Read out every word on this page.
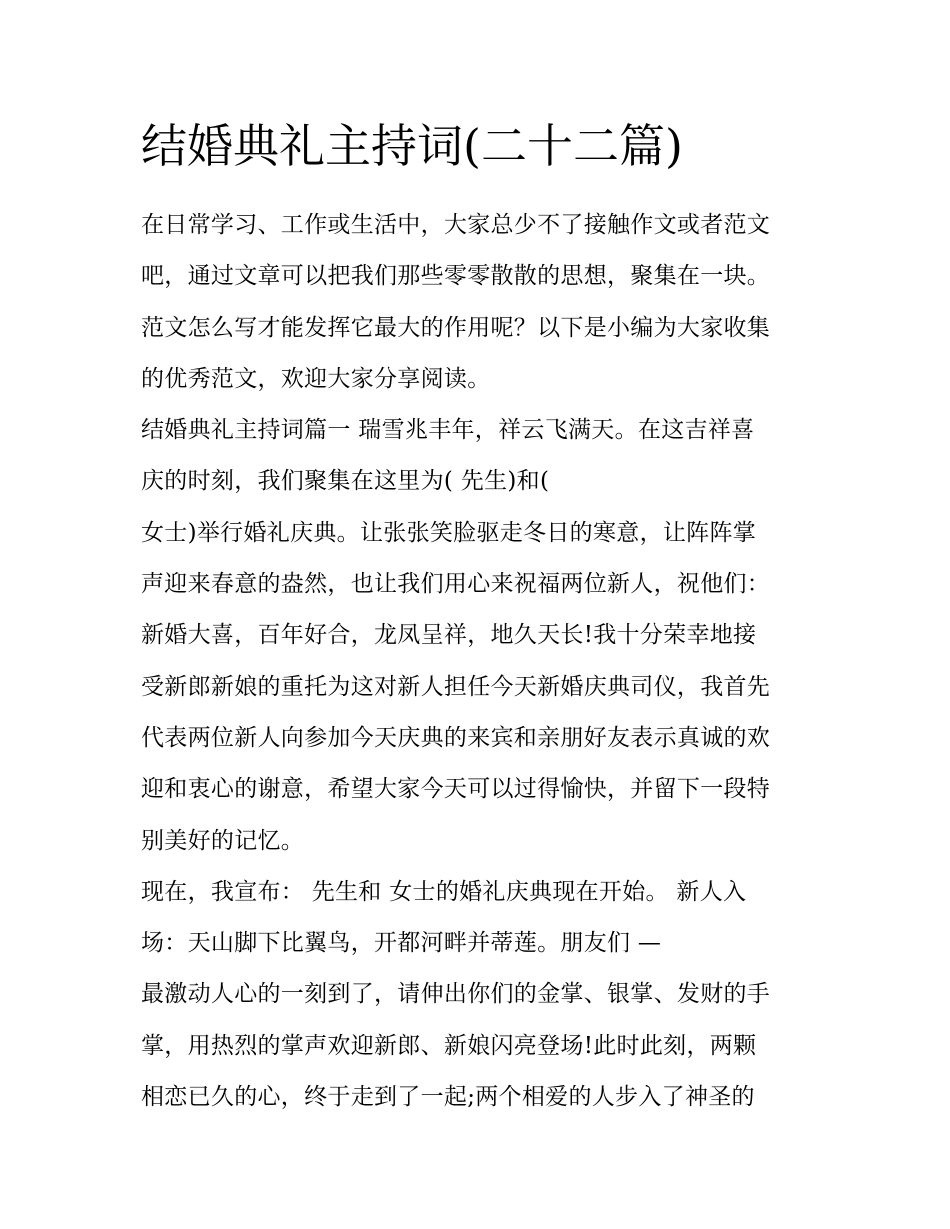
结婚典礼主持词(二十二篇)
在日常学习、工作或生活中，大家总少不了接触作文或者范文
吧，通过文章可以把我们那些零零散散的思想，聚集在一块。
范文怎么写才能发挥它最大的作用呢？以下是小编为大家收集
的优秀范文，欢迎大家分享阅读。
结婚典礼主持词篇一 瑞雪兆丰年，祥云飞满天。在这吉祥喜
庆的时刻，我们聚集在这里为( 先生)和(
女士)举行婚礼庆典。让张张笑脸驱走冬日的寒意，让阵阵掌
声迎来春意的盎然，也让我们用心来祝福两位新人，祝他们：
新婚大喜，百年好合，龙凤呈祥，地久天长!我十分荣幸地接
受新郎新娘的重托为这对新人担任今天新婚庆典司仪，我首先
代表两位新人向参加今天庆典的来宾和亲朋好友表示真诚的欢
迎和衷心的谢意，希望大家今天可以过得愉快，并留下一段特
别美好的记忆。
现在，我宣布： 先生和 女士的婚礼庆典现在开始。 新人入
场：天山脚下比翼鸟，开都河畔并蒂莲。朋友们 —
最激动人心的一刻到了，请伸出你们的金掌、银掌、发财的手
掌，用热烈的掌声欢迎新郎、新娘闪亮登场!此时此刻，两颗
相恋已久的心，终于走到了一起;两个相爱的人步入了神圣的
